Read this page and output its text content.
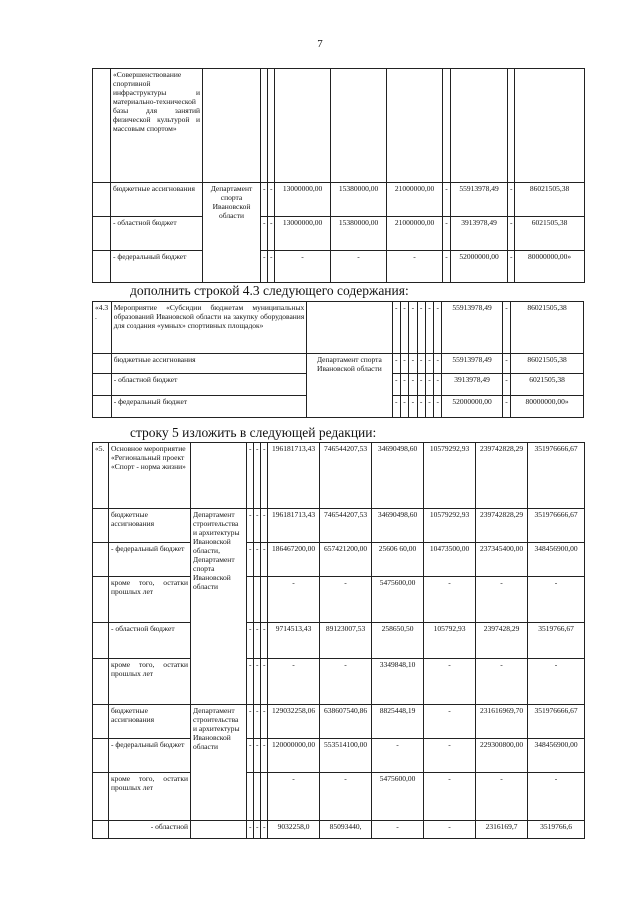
7
	«Совершенствование спортивной инфраструктуры и материально-технической базы для занятий физической культурой и массовым спортом»										
	бюджетные ассигнования	Департамент спорта Ивановской области	-	-	13000000,00	15380000,00	21000000,00	-	55913978,49	-	86021505,38
	- областной бюджет		-	-	13000000,00	15380000,00	21000000,00	-	3913978,49	-	6021505,38
	- федеральный бюджет		-	-	-	-	-	-	52000000,00	-	80000000,00»
дополнить строкой 4.3 следующего содержания:
«4.3.	Мероприятие «Субсидии бюджетам муниципальных образований Ивановской области на закупку оборудования для создания «умных» спортивных площадок»		-	-	-	-	-	-	55913978,49	-	86021505,38
	бюджетные ассигнования	Департамент спорта Ивановской области	-	-	-	-	-	-	55913978,49	-	86021505,38
	- областной бюджет		-	-	-	-	-	-	3913978,49	-	6021505,38
	- федеральный бюджет		-	-	-	-	-	-	52000000,00	-	80000000,00»
строку 5 изложить в следующей редакции:
«5.	Основное мероприятие «Региональный проект «Спорт - норма жизни»		-	-	-	196181713,43	746544207,53	34690498,60	10579292,93	239742828,29	351976666,67
	бюджетные ассигнования	Департамент строительства и архитектуры Ивановской области, Департамент спорта Ивановской области	-	-	-	196181713,43	746544207,53	34690498,60	10579292,93	239742828,29	351976666,67
	- федеральный бюджет		-	-	-	186467200,00	657421200,00	25606 60,00	10473500,00	237345400,00	348456900,00
	кроме того, остатки прошлых лет					-	-	5475600,00	-	-	-
	- областной бюджет		-	-	-	9714513,43	89123007,53	258650,50	105792,93	2397428,29	3519766,67
	кроме того, остатки прошлых лет		-	-	-	-	-	3349848,10	-	-	-
	бюджетные ассигнования	Департамент строительства и архитектуры Ивановской области	-	-	-	129032258,06	638607540,86	8825448,19	-	231616969,70	351976666,67
	- федеральный бюджет		-	-	-	120000000,00	553514100,00	-	-	229300800,00	348456900,00
	кроме того, остатки прошлых лет					-	-	5475600,00	-	-	-
	- областной		-	-	-	9032258,0	85093440,	-	-	2316169,7	3519766,6
